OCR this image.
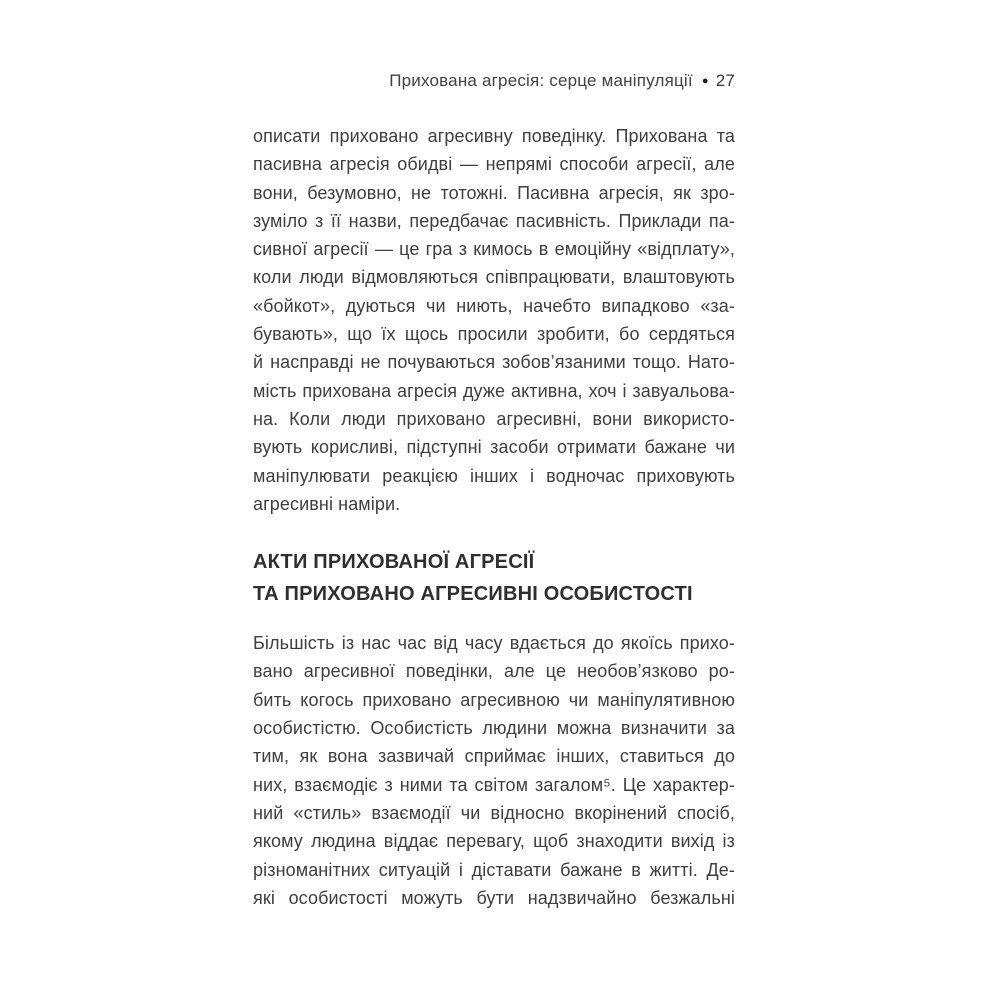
Прихована агресія: серце маніпуляції ● 27
описати приховано агресивну поведінку. Прихована та
пасивна агресія обидві — непрямі способи агресії, але
вони, безумовно, не тотожні. Пасивна агресія, як зро-
зуміло з її назви, передбачає пасивність. Приклади па-
сивної агресії — це гра з кимось в емоційну «відплату»,
коли люди відмовляються співпрацювати, влаштовують
«бойкот», дуються чи ниють, начебто випадково «за-
бувають», що їх щось просили зробити, бо сердяться
й насправді не почуваються зобов’язаними тощо. Нато-
мість прихована агресія дуже активна, хоч і завуальова-
на. Коли люди приховано агресивні, вони використо-
вують корисливі, підступні засоби отримати бажане чи
маніпулювати реакцією інших і водночас приховують
агресивні наміри.
АКТИ ПРИХОВАНОЇ АГРЕСІЇ
ТА ПРИХОВАНО АГРЕСИВНІ ОСОБИСТОСТІ
Більшість із нас час від часу вдається до якоїсь прихо-
вано агресивної поведінки, але це необов’язково ро-
бить когось приховано агресивною чи маніпулятивною
особистістю. Особистість людини можна визначити за
тим, як вона зазвичай сприймає інших, ставиться до
них, взаємодіє з ними та світом загалом⁵. Це характер-
ний «стиль» взаємодії чи відносно вкорінений спосіб,
якому людина віддає перевагу, щоб знаходити вихід із
різноманітних ситуацій і діставати бажане в житті. Де-
які особистості можуть бути надзвичайно безжальні
